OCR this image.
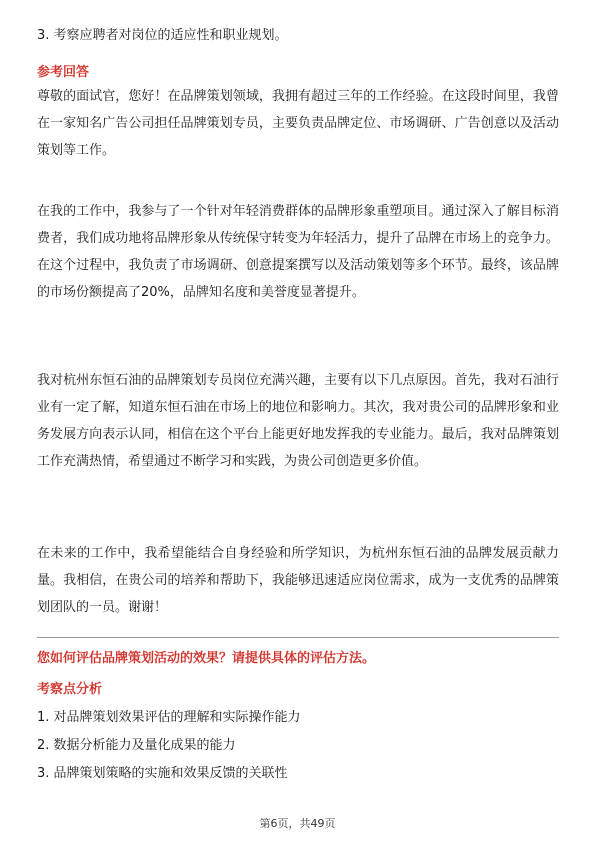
3. 考察应聘者对岗位的适应性和职业规划。
参考回答

尊敬的面试官，您好！在品牌策划领域，我拥有超过三年的工作经验。在这段时间里，我曾在一家知名广告公司担任品牌策划专员，主要负责品牌定位、市场调研、广告创意以及活动策划等工作。

在我的工作中，我参与了一个针对年轻消费群体的品牌形象重塑项目。通过深入了解目标消费者，我们成功地将品牌形象从传统保守转变为年轻活力，提升了品牌在市场上的竞争力。在这个过程中，我负责了市场调研、创意提案撰写以及活动策划等多个环节。最终，该品牌的市场份额提高了20%，品牌知名度和美誉度显著提升。

我对杭州东恒石油的品牌策划专员岗位充满兴趣，主要有以下几点原因。首先，我对石油行业有一定了解，知道东恒石油在市场上的地位和影响力。其次，我对贵公司的品牌形象和业务发展方向表示认同，相信在这个平台上能更好地发挥我的专业能力。最后，我对品牌策划工作充满热情，希望通过不断学习和实践，为贵公司创造更多价值。

在未来的工作中，我希望能结合自身经验和所学知识，为杭州东恒石油的品牌发展贡献力量。我相信，在贵公司的培养和帮助下，我能够迅速适应岗位需求，成为一支优秀的品牌策划团队的一员。谢谢！

您如何评估品牌策划活动的效果？请提供具体的评估方法。
考察点分析
1. 对品牌策划效果评估的理解和实际操作能力
2. 数据分析能力及量化成果的能力
3. 品牌策划策略的实施和效果反馈的关联性
第6页，共49页
